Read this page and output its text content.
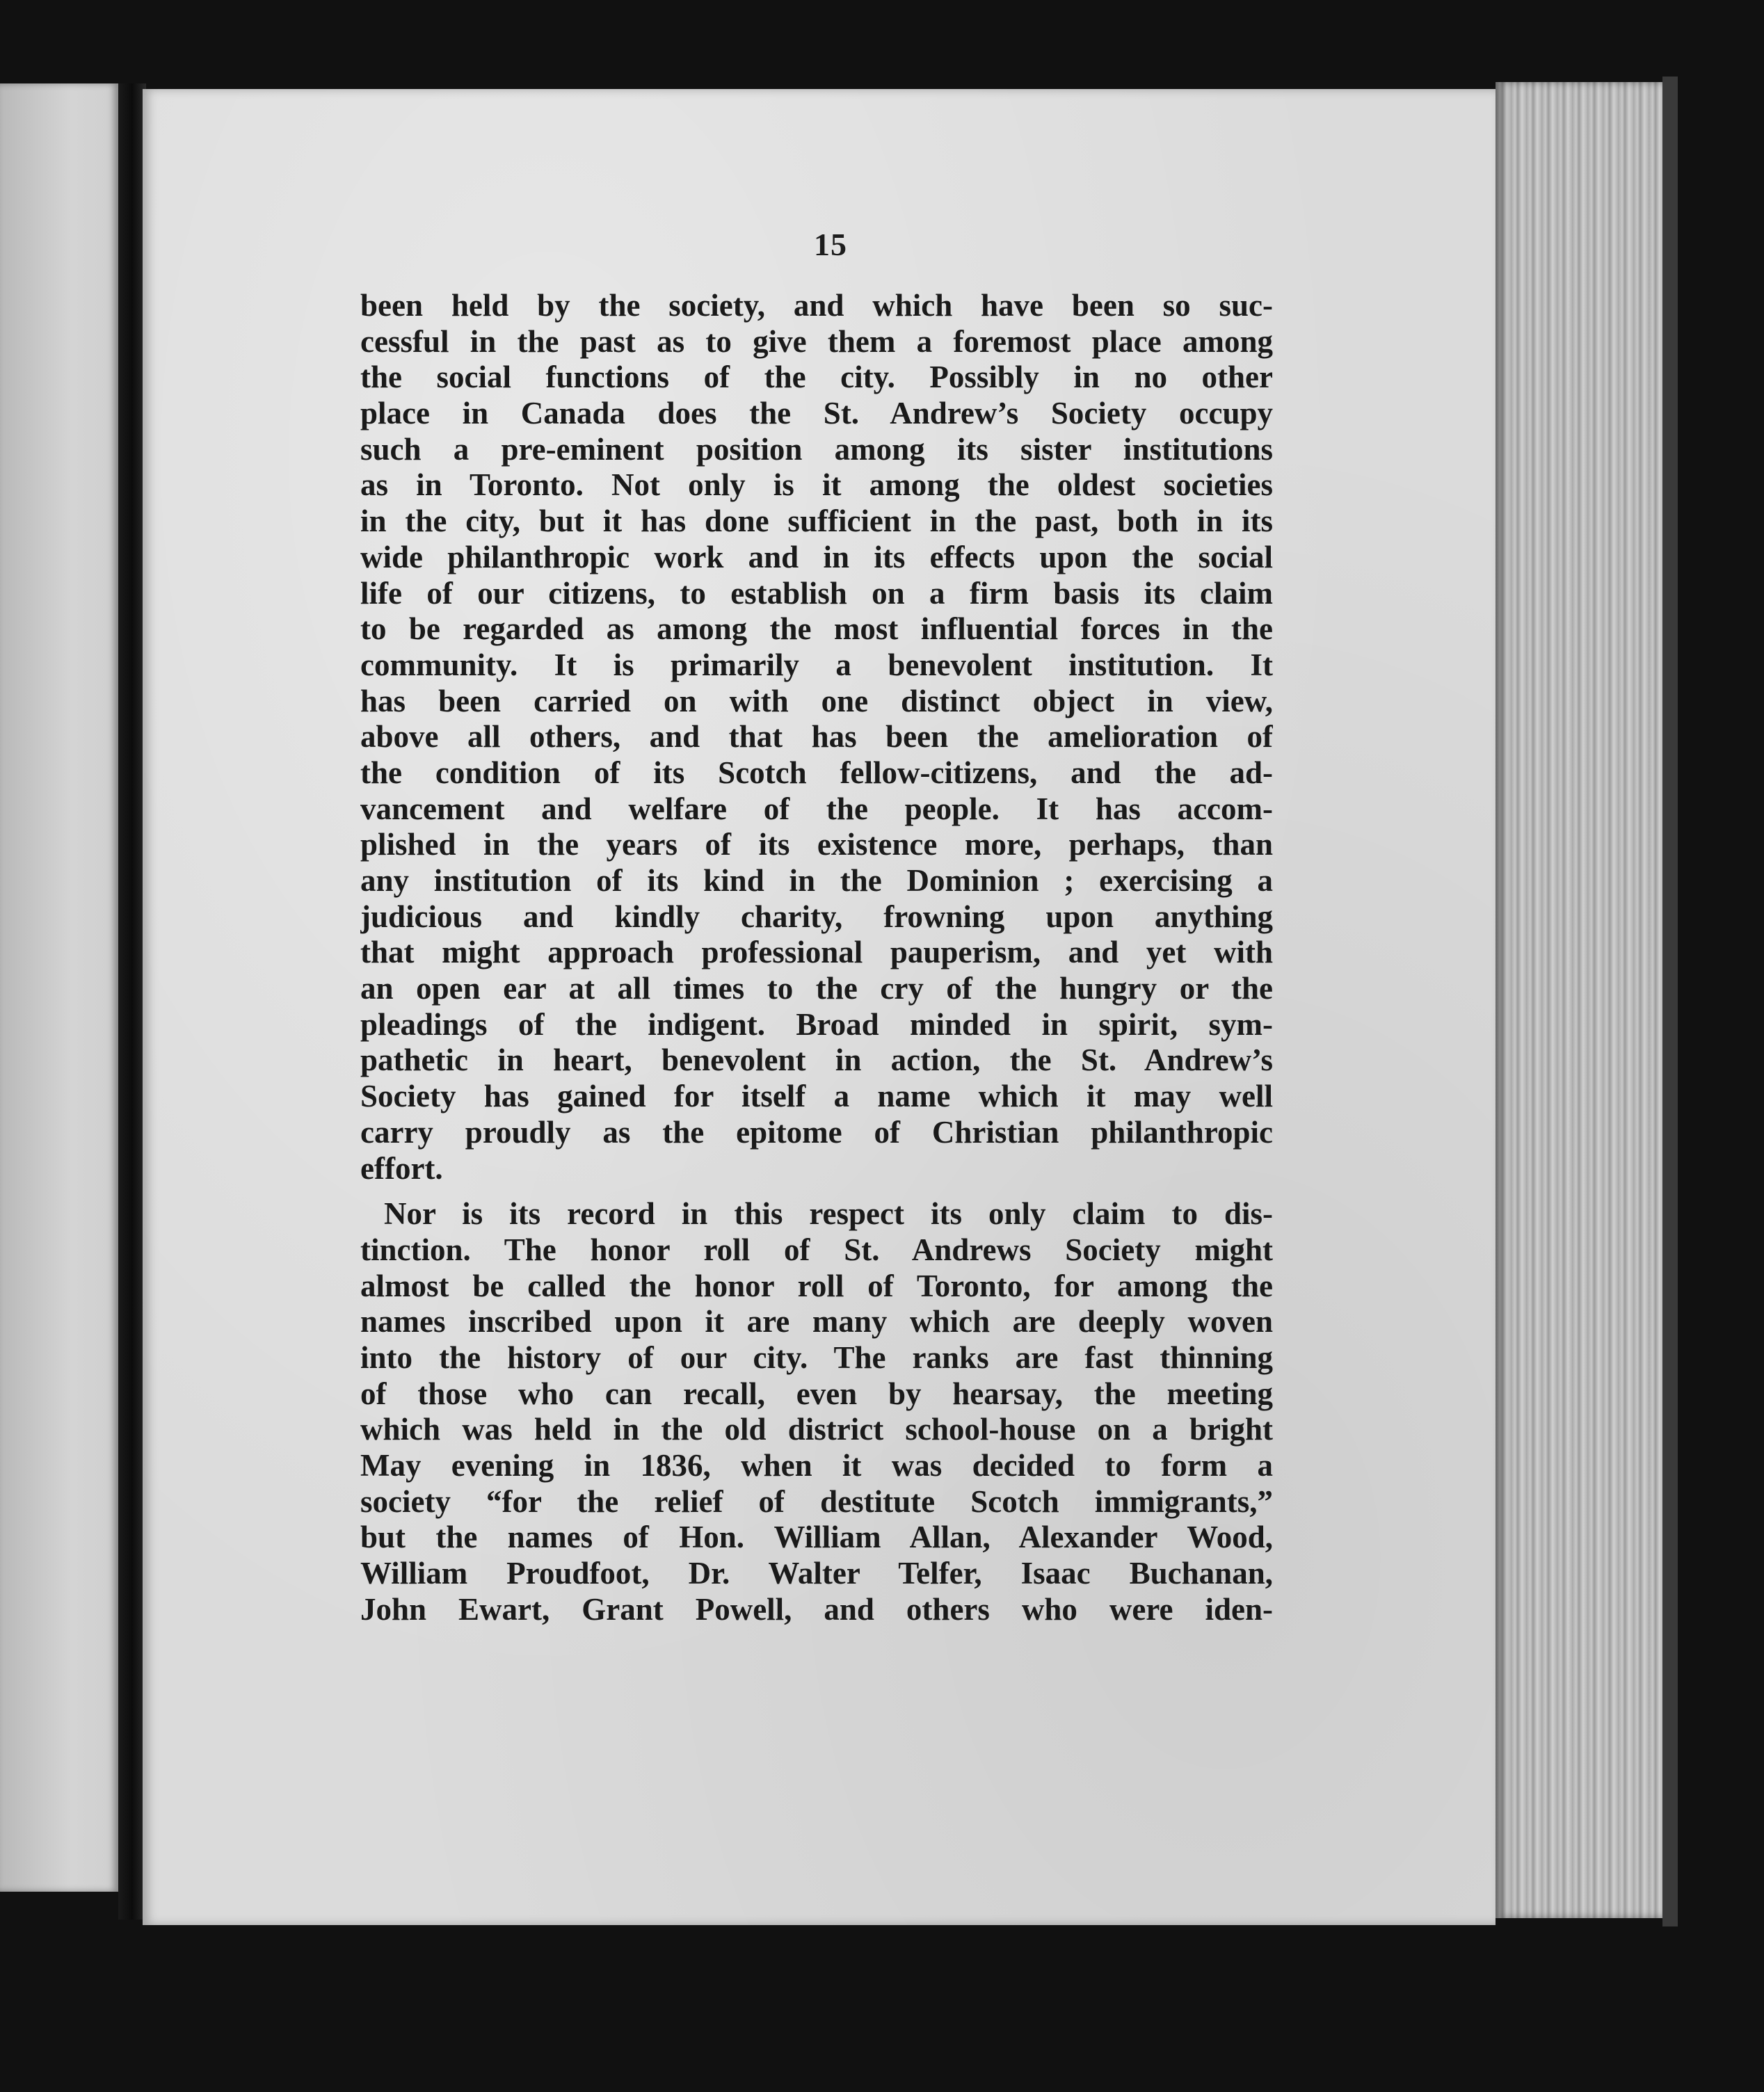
15
been held by the society, and which have been so suc-
cessful in the past as to give them a foremost place among
the social functions of the city. Possibly in no other
place in Canada does the St. Andrew’s Society occupy
such a pre-eminent position among its sister institutions
as in Toronto. Not only is it among the oldest societies
in the city, but it has done sufficient in the past, both in its
wide philanthropic work and in its effects upon the social
life of our citizens, to establish on a firm basis its claim
to be regarded as among the most influential forces in the
community. It is primarily a benevolent institution. It
has been carried on with one distinct object in view,
above all others, and that has been the amelioration of
the condition of its Scotch fellow-citizens, and the ad-
vancement and welfare of the people. It has accom-
plished in the years of its existence more, perhaps, than
any institution of its kind in the Dominion ; exercising a
judicious and kindly charity, frowning upon anything
that might approach professional pauperism, and yet with
an open ear at all times to the cry of the hungry or the
pleadings of the indigent. Broad minded in spirit, sym-
pathetic in heart, benevolent in action, the St. Andrew’s
Society has gained for itself a name which it may well
carry proudly as the epitome of Christian philanthropic
effort.
Nor is its record in this respect its only claim to dis-
tinction. The honor roll of St. Andrews Society might
almost be called the honor roll of Toronto, for among the
names inscribed upon it are many which are deeply woven
into the history of our city. The ranks are fast thinning
of those who can recall, even by hearsay, the meeting
which was held in the old district school-house on a bright
May evening in 1836, when it was decided to form a
society “for the relief of destitute Scotch immigrants,”
but the names of Hon. William Allan, Alexander Wood,
William Proudfoot, Dr. Walter Telfer, Isaac Buchanan,
John Ewart, Grant Powell, and others who were iden-
